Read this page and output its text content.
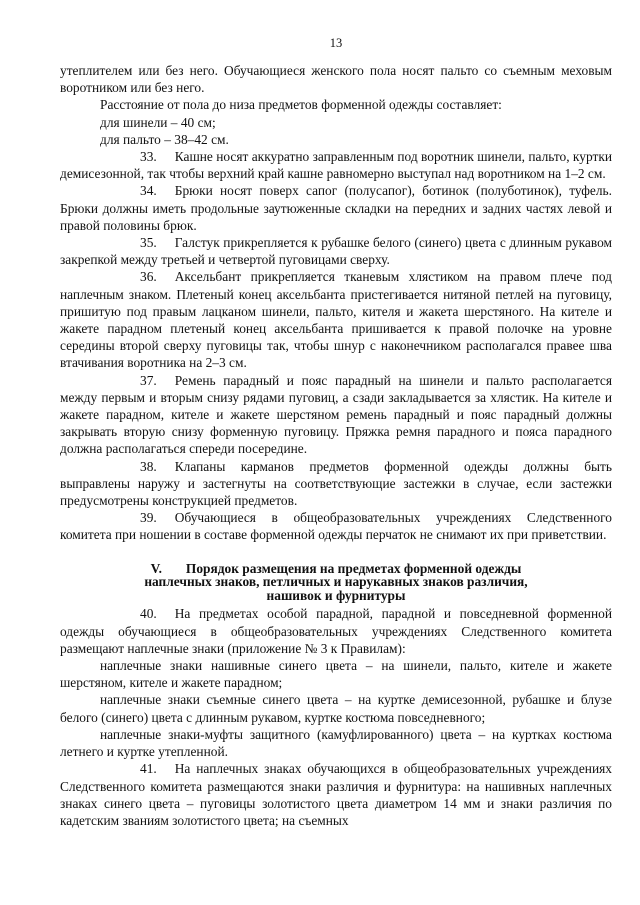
13

утеплителем или без него. Обучающиеся женского пола носят пальто со съемным меховым воротником или без него.

Расстояние от пола до низа предметов форменной одежды составляет:

для шинели – 40 см;

для пальто – 38–42 см.

33. Кашне носят аккуратно заправленным под воротник шинели, пальто, куртки демисезонной, так чтобы верхний край кашне равномерно выступал над воротником на 1–2 см.

34. Брюки носят поверх сапог (полусапог), ботинок (полуботинок), туфель. Брюки должны иметь продольные заутюженные складки на передних и задних частях левой и правой половины брюк.

35. Галстук прикрепляется к рубашке белого (синего) цвета с длинным рукавом закрепкой между третьей и четвертой пуговицами сверху.

36. Аксельбант прикрепляется тканевым хлястиком на правом плече под наплечным знаком. Плетеный конец аксельбанта пристегивается нитяной петлей на пуговицу, пришитую под правым лацканом шинели, пальто, кителя и жакета шерстяного. На кителе и жакете парадном плетеный конец аксельбанта пришивается к правой полочке на уровне середины второй сверху пуговицы так, чтобы шнур с наконечником располагался правее шва втачивания воротника на 2–3 см.

37. Ремень парадный и пояс парадный на шинели и пальто располагается между первым и вторым снизу рядами пуговиц, а сзади закладывается за хлястик. На кителе и жакете парадном, кителе и жакете шерстяном ремень парадный и пояс парадный должны закрывать вторую снизу форменную пуговицу. Пряжка ремня парадного и пояса парадного должна располагаться спереди посередине.

38. Клапаны карманов предметов форменной одежды должны быть выправлены наружу и застегнуты на соответствующие застежки в случае, если застежки предусмотрены конструкцией предметов.

39. Обучающиеся в общеобразовательных учреждениях Следственного комитета при ношении в составе форменной одежды перчаток не снимают их при приветствии.

V. Порядок размещения на предметах форменной одежды
наплечных знаков, петличных и нарукавных знаков различия,
нашивок и фурнитуры

40. На предметах особой парадной, парадной и повседневной форменной одежды обучающиеся в общеобразовательных учреждениях Следственного комитета размещают наплечные знаки (приложение № 3 к Правилам):

наплечные знаки нашивные синего цвета – на шинели, пальто, кителе и жакете шерстяном, кителе и жакете парадном;

наплечные знаки съемные синего цвета – на куртке демисезонной, рубашке и блузе белого (синего) цвета с длинным рукавом, куртке костюма повседневного;

наплечные знаки-муфты защитного (камуфлированного) цвета – на куртках костюма летнего и куртке утепленной.

41. На наплечных знаках обучающихся в общеобразовательных учреждениях Следственного комитета размещаются знаки различия и фурнитура: на нашивных наплечных знаках синего цвета – пуговицы золотистого цвета диаметром 14 мм и знаки различия по кадетским званиям золотистого цвета; на съемных
